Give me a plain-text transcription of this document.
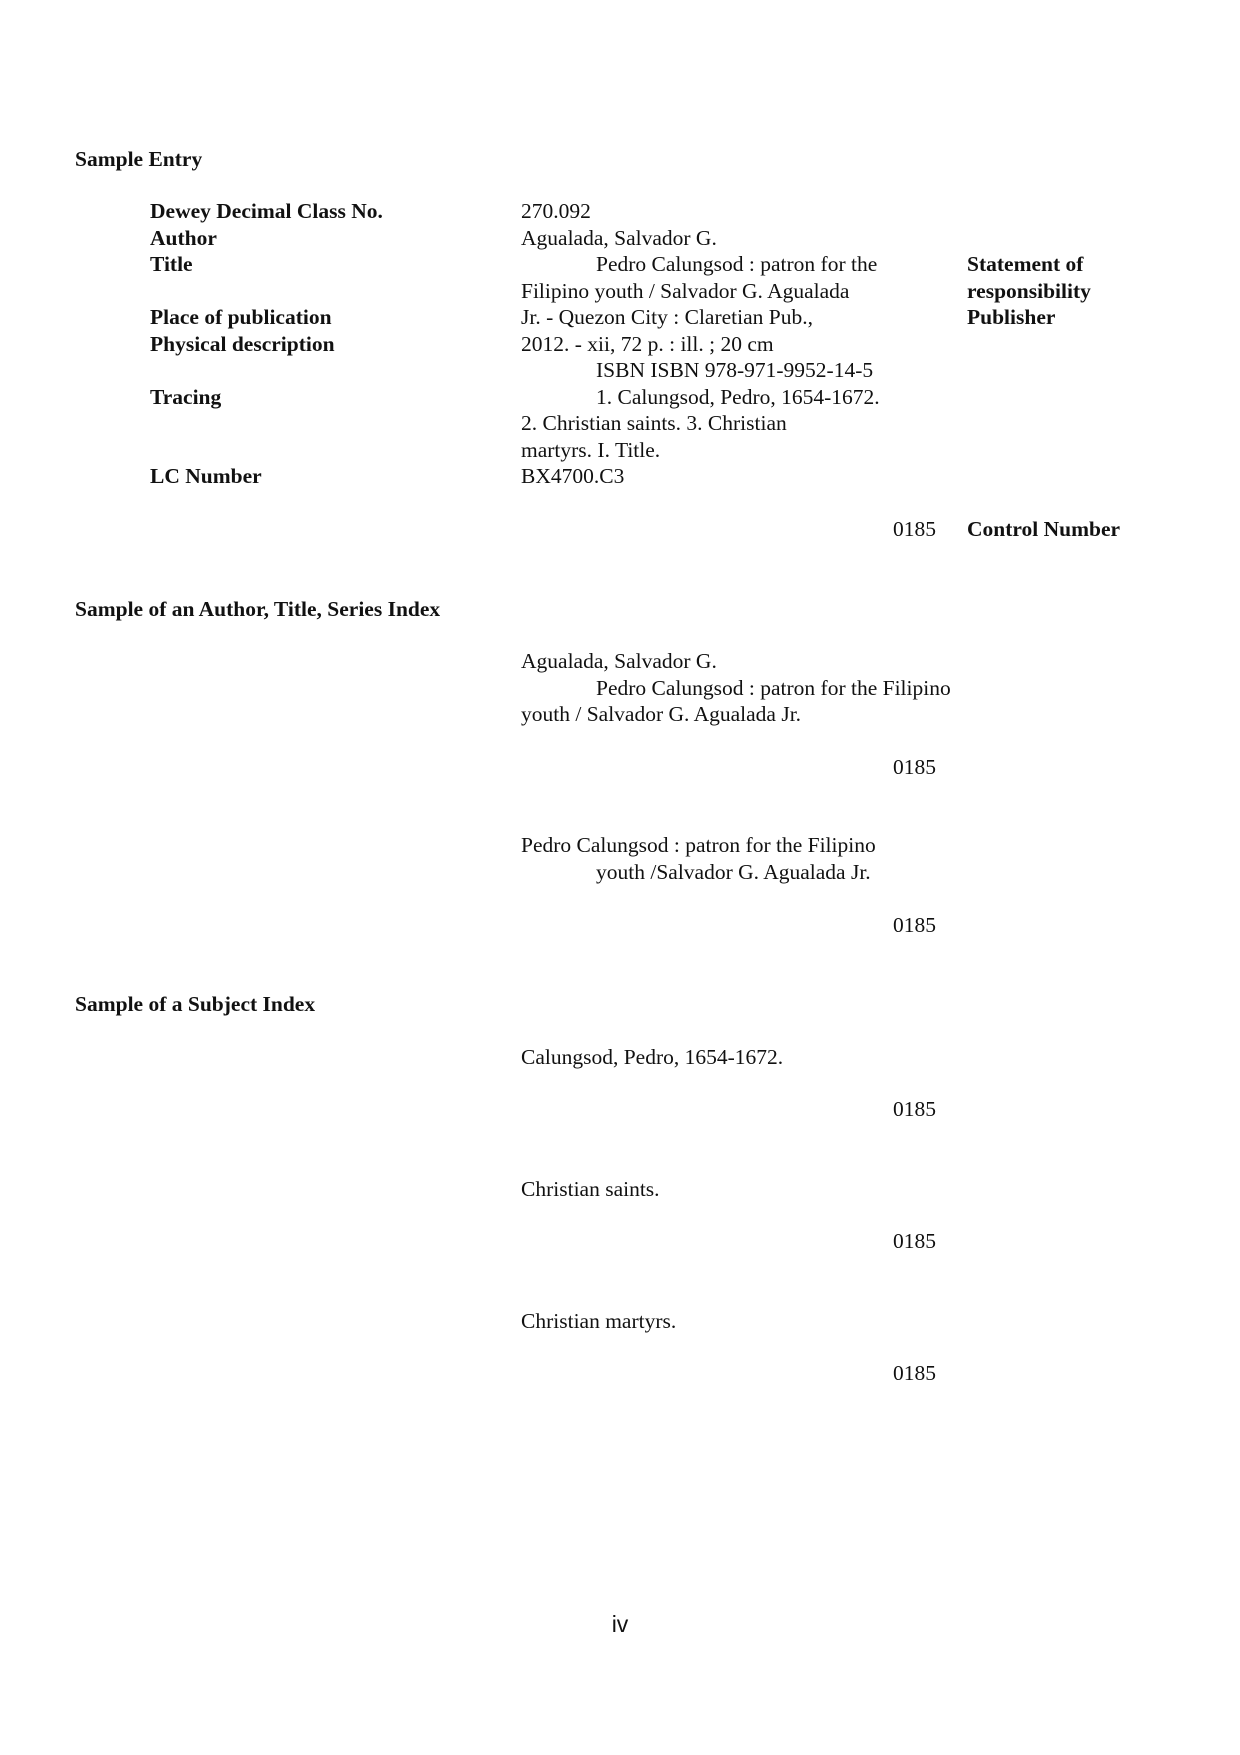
Sample Entry
Dewey Decimal Class No.
Author
Title
Place of publication
Physical description
Tracing
LC Number
270.092
Agualada, Salvador G.
Pedro Calungsod : patron for the
Filipino youth / Salvador G. Agualada
Jr. - Quezon City : Claretian Pub.,
2012. - xii, 72 p. : ill. ; 20 cm
ISBN ISBN 978-971-9952-14-5
1. Calungsod, Pedro, 1654-1672.
2. Christian saints. 3. Christian
martyrs. I. Title.
BX4700.C3
Statement of
responsibility
Publisher
0185 Control Number
Sample of an Author, Title, Series Index
Agualada, Salvador G.
Pedro Calungsod : patron for the Filipino
youth / Salvador G. Agualada Jr.
0185
Pedro Calungsod : patron for the Filipino
youth /Salvador G. Agualada Jr.
0185
Sample of a Subject Index
Calungsod, Pedro, 1654-1672.
0185
Christian saints.
0185
Christian martyrs.
0185
iv
